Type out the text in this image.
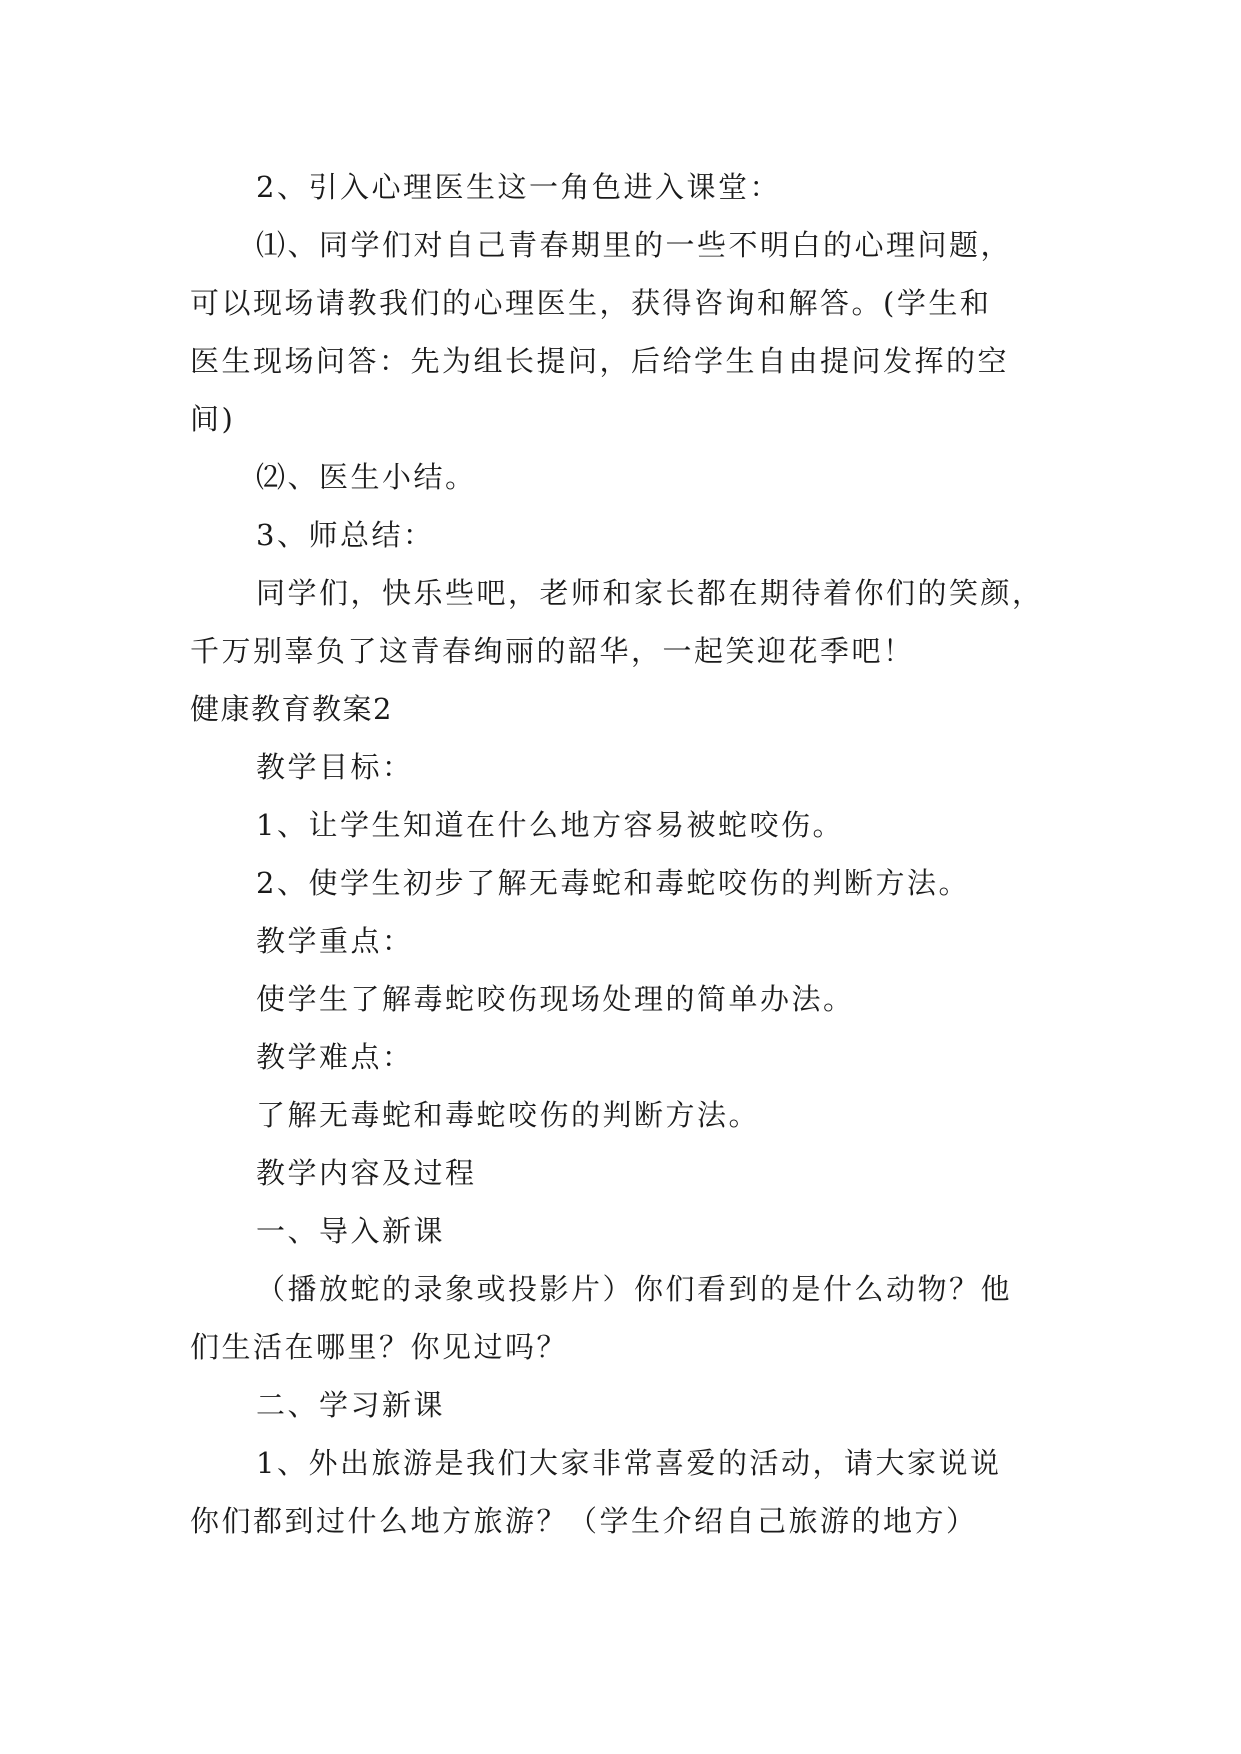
2、引入心理医生这一角色进入课堂：
⑴、同学们对自己青春期里的一些不明白的心理问题，
可以现场请教我们的心理医生，获得咨询和解答。(学生和
医生现场问答：先为组长提问，后给学生自由提问发挥的空
间)
⑵、医生小结。
3、师总结：
同学们，快乐些吧，老师和家长都在期待着你们的笑颜，
千万别辜负了这青春绚丽的韶华，一起笑迎花季吧！
健康教育教案2
教学目标：
1、让学生知道在什么地方容易被蛇咬伤。
2、使学生初步了解无毒蛇和毒蛇咬伤的判断方法。
教学重点：
使学生了解毒蛇咬伤现场处理的简单办法。
教学难点：
了解无毒蛇和毒蛇咬伤的判断方法。
教学内容及过程
一、导入新课
（播放蛇的录象或投影片）你们看到的是什么动物？他
们生活在哪里？你见过吗？
二、学习新课
1、外出旅游是我们大家非常喜爱的活动，请大家说说
你们都到过什么地方旅游？（学生介绍自己旅游的地方）
